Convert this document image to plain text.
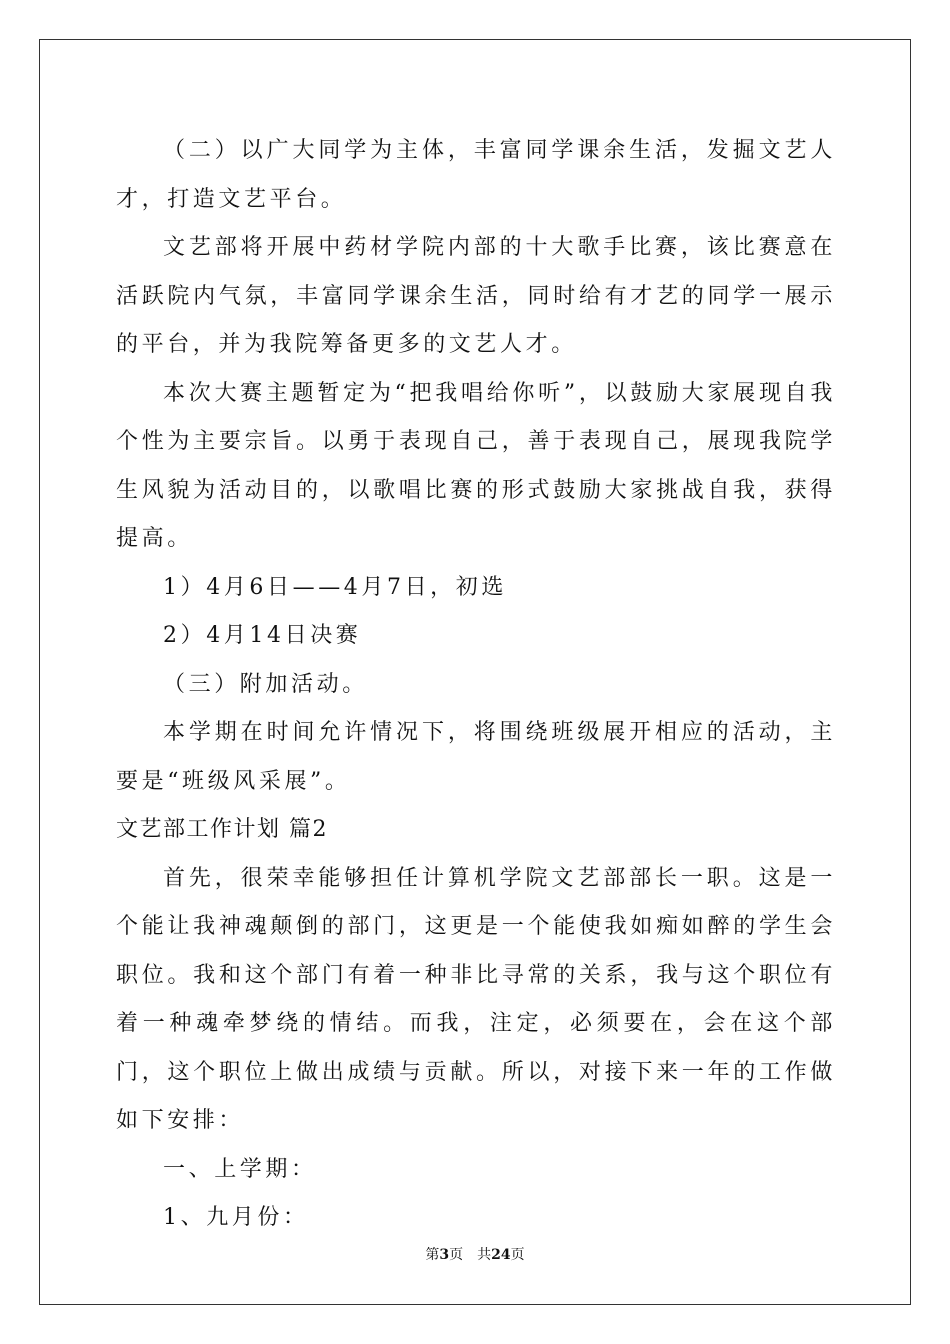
（二）以广大同学为主体，丰富同学课余生活，发掘文艺人才，打造文艺平台。

文艺部将开展中药材学院内部的十大歌手比赛，该比赛意在活跃院内气氛，丰富同学课余生活，同时给有才艺的同学一展示的平台，并为我院筹备更多的文艺人才。

本次大赛主题暂定为“把我唱给你听”，以鼓励大家展现自我个性为主要宗旨。以勇于表现自己，善于表现自己，展现我院学生风貌为活动目的，以歌唱比赛的形式鼓励大家挑战自我，获得提高。

1）4月6日——4月7日，初选

2）4月14日决赛

（三）附加活动。

本学期在时间允许情况下，将围绕班级展开相应的活动，主要是“班级风采展”。

文艺部工作计划 篇2

首先，很荣幸能够担任计算机学院文艺部部长一职。这是一个能让我神魂颠倒的部门，这更是一个能使我如痴如醉的学生会职位。我和这个部门有着一种非比寻常的关系，我与这个职位有着一种魂牵梦绕的情结。而我，注定，必须要在，会在这个部门，这个职位上做出成绩与贡献。所以，对接下来一年的工作做如下安排：

一、上学期：

1、九月份：

第3页 共24页
